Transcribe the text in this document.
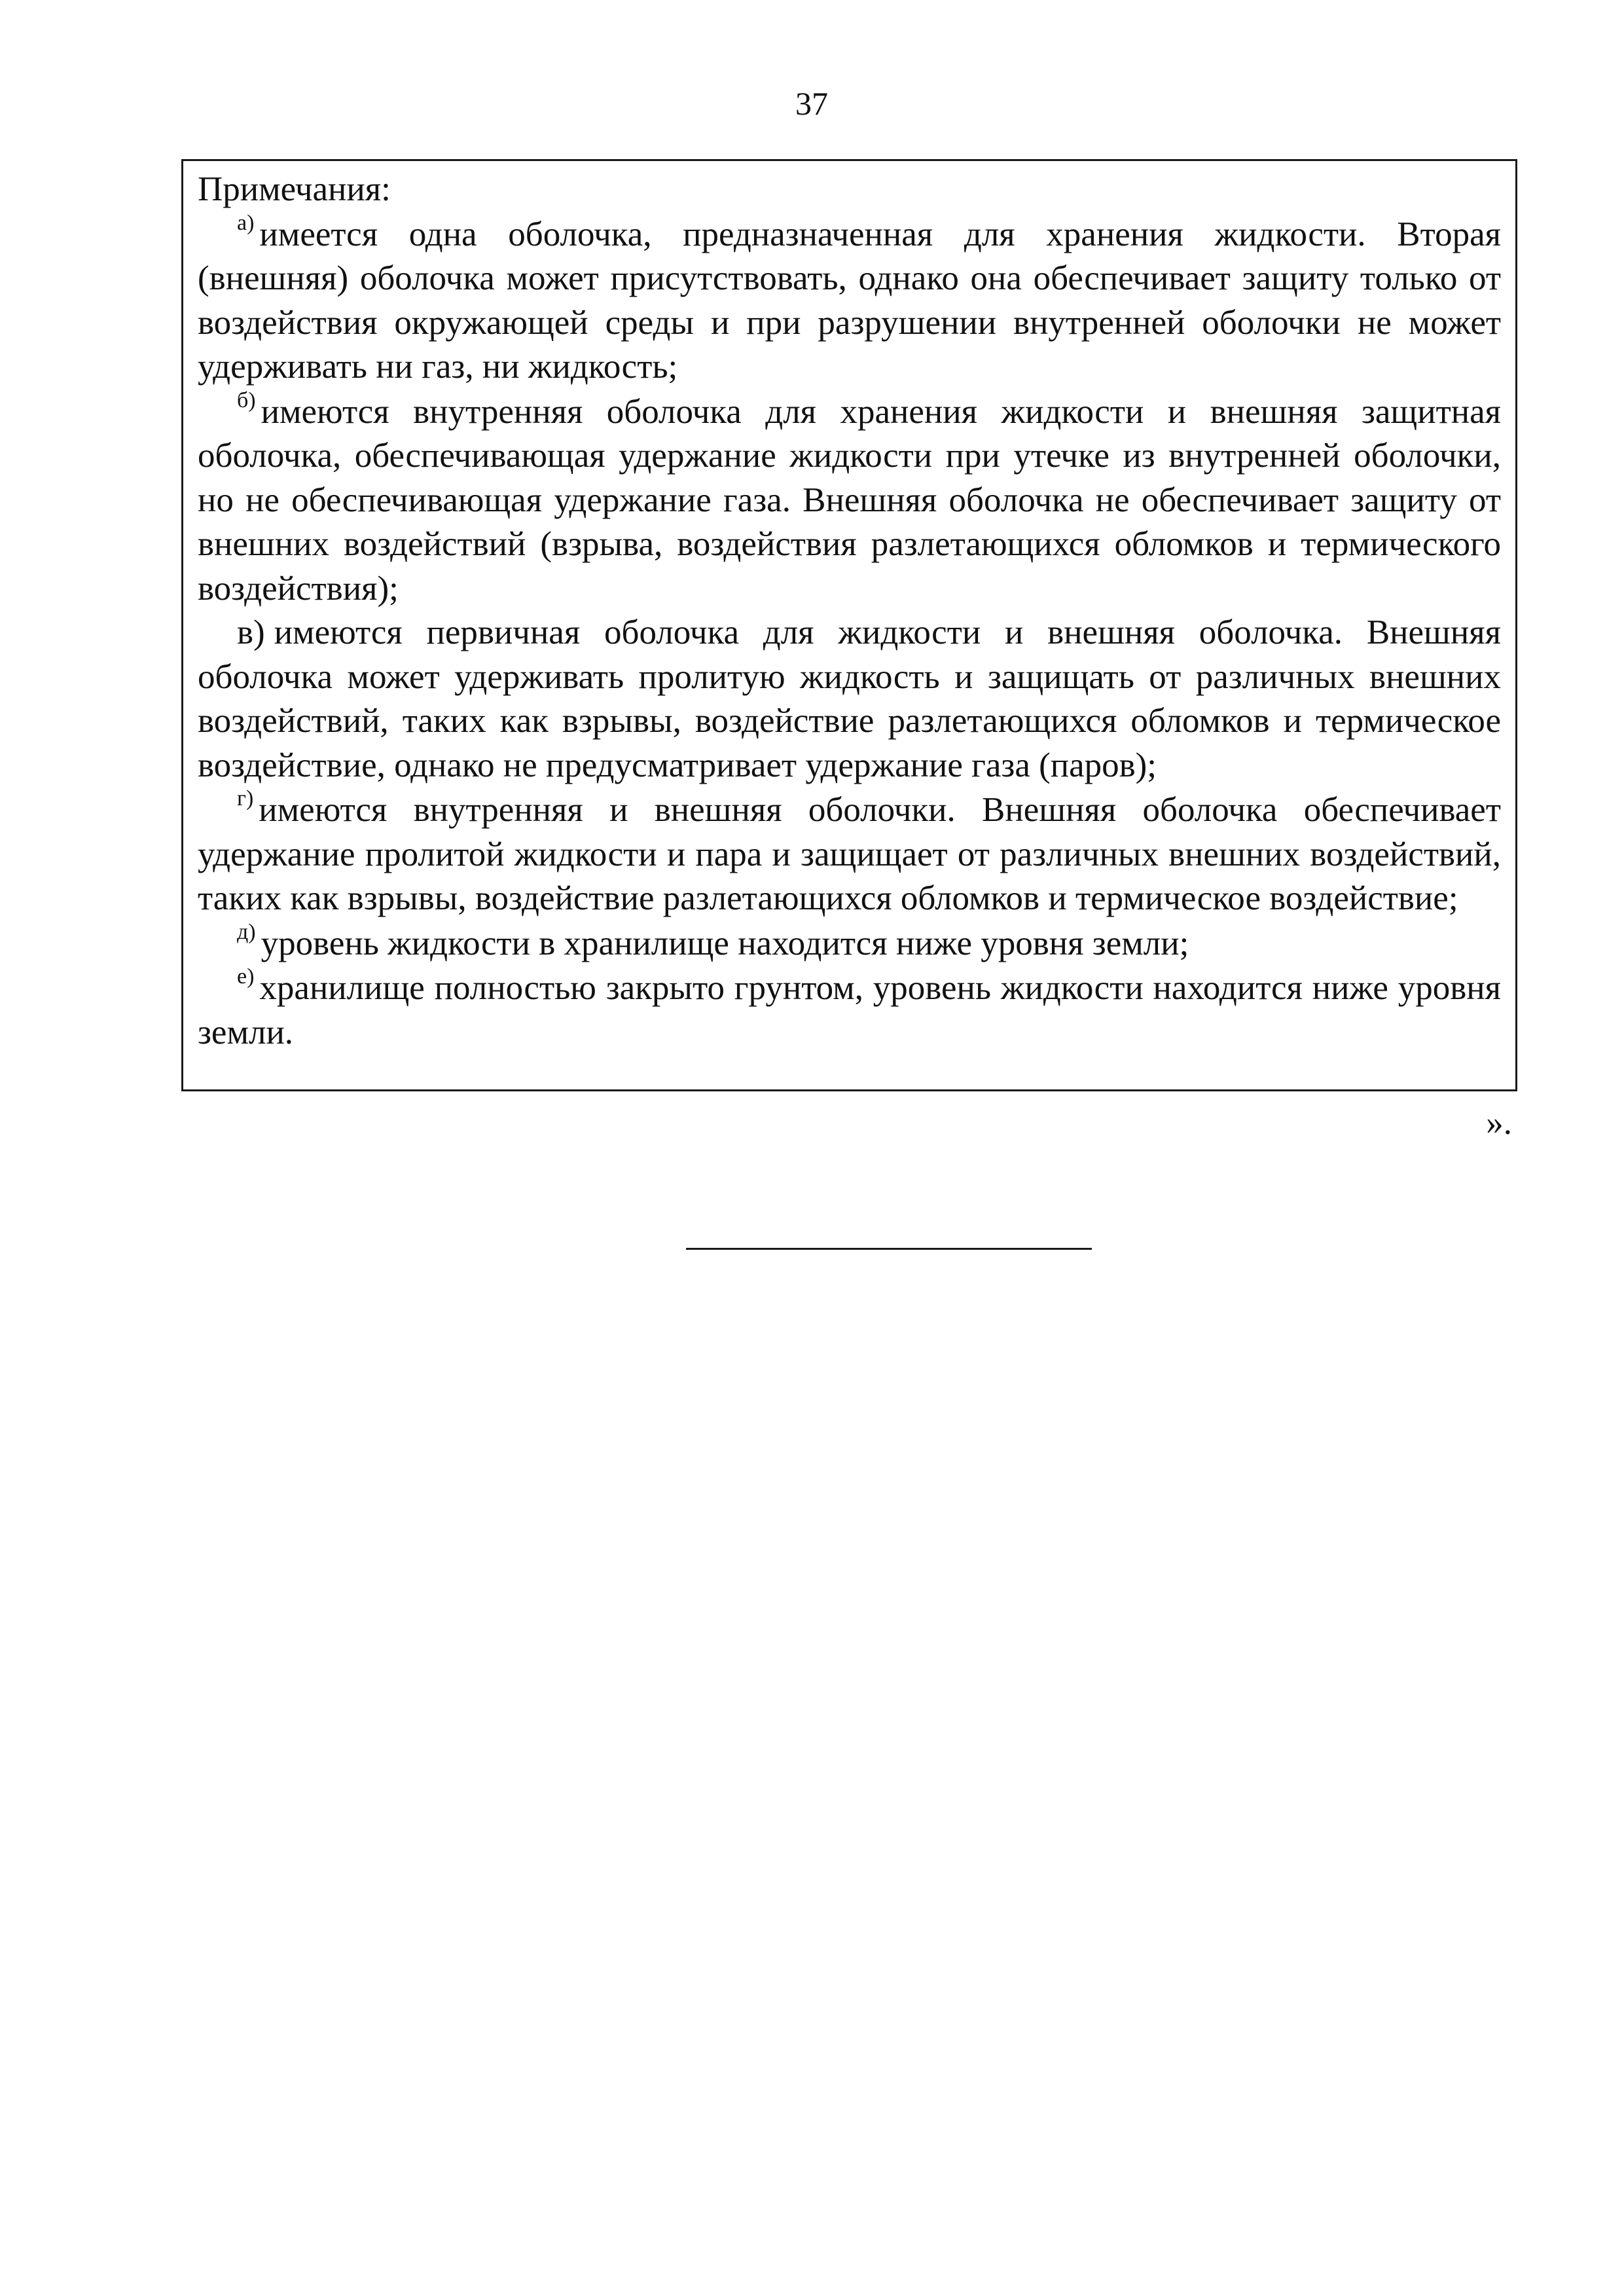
37
Примечания:
а) имеется одна оболочка, предназначенная для хранения жидкости. Вторая (внешняя) оболочка может присутствовать, однако она обеспечивает защиту только от воздействия окружающей среды и при разрушении внутренней оболочки не может удерживать ни газ, ни жидкость;
б) имеются внутренняя оболочка для хранения жидкости и внешняя защитная оболочка, обеспечивающая удержание жидкости при утечке из внутренней оболочки, но не обеспечивающая удержание газа. Внешняя оболочка не обеспечивает защиту от внешних воздействий (взрыва, воздействия разлетающихся обломков и термического воздействия);
в) имеются первичная оболочка для жидкости и внешняя оболочка. Внешняя оболочка может удерживать пролитую жидкость и защищать от различных внешних воздействий, таких как взрывы, воздействие разлетающихся обломков и термическое воздействие, однако не предусматривает удержание газа (паров);
г) имеются внутренняя и внешняя оболочки. Внешняя оболочка обеспечивает удержание пролитой жидкости и пара и защищает от различных внешних воздействий, таких как взрывы, воздействие разлетающихся обломков и термическое воздействие;
д) уровень жидкости в хранилище находится ниже уровня земли;
е) хранилище полностью закрыто грунтом, уровень жидкости находится ниже уровня земли.
».
